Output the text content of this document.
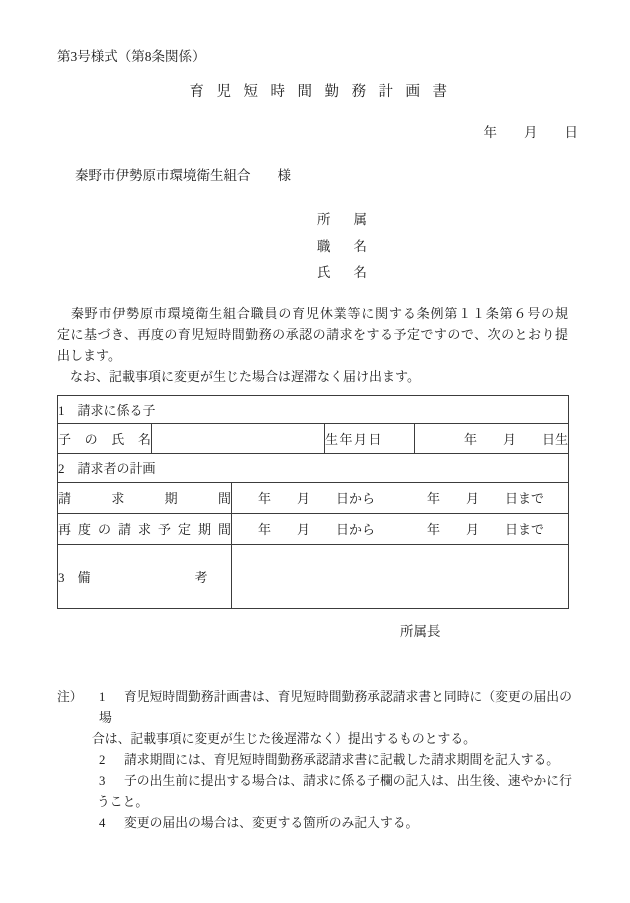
第3号様式（第8条関係）
育児短時間勤務計画書
年　　月　　日
秦野市伊勢原市環境衛生組合　　様
所属
職名
氏名
　秦野市伊勢原市環境衛生組合職員の育児休業等に関する条例第１１条第６号の規
定に基づき、再度の育児短時間勤務の承認の請求をする予定ですので、次のとおり提
出します。
　なお、記載事項に変更が生じた場合は遅滞なく届け出ます。
1　請求に係る子				
子の氏名			生年月日	年　　月　　日生
2　請求者の計画				
請求期間		　　年　　月　　日から　　　　年　　月　　日まで		
再度の請求予定期間		　　年　　月　　日から　　　　年　　月　　日まで		
3　備　　　　　　　　考				
所属長
注）	1 育児短時間勤務計画書は、育児短時間勤務承認請求書と同時に（変更の届出の場
合は、記載事項に変更が生じた後遅滞なく）提出するものとする。
2 請求期間には、育児短時間勤務承認請求書に記載した請求期間を記入する。
3 子の出生前に提出する場合は、請求に係る子欄の記入は、出生後、速やかに行
うこと。
4 変更の届出の場合は、変更する箇所のみ記入する。
